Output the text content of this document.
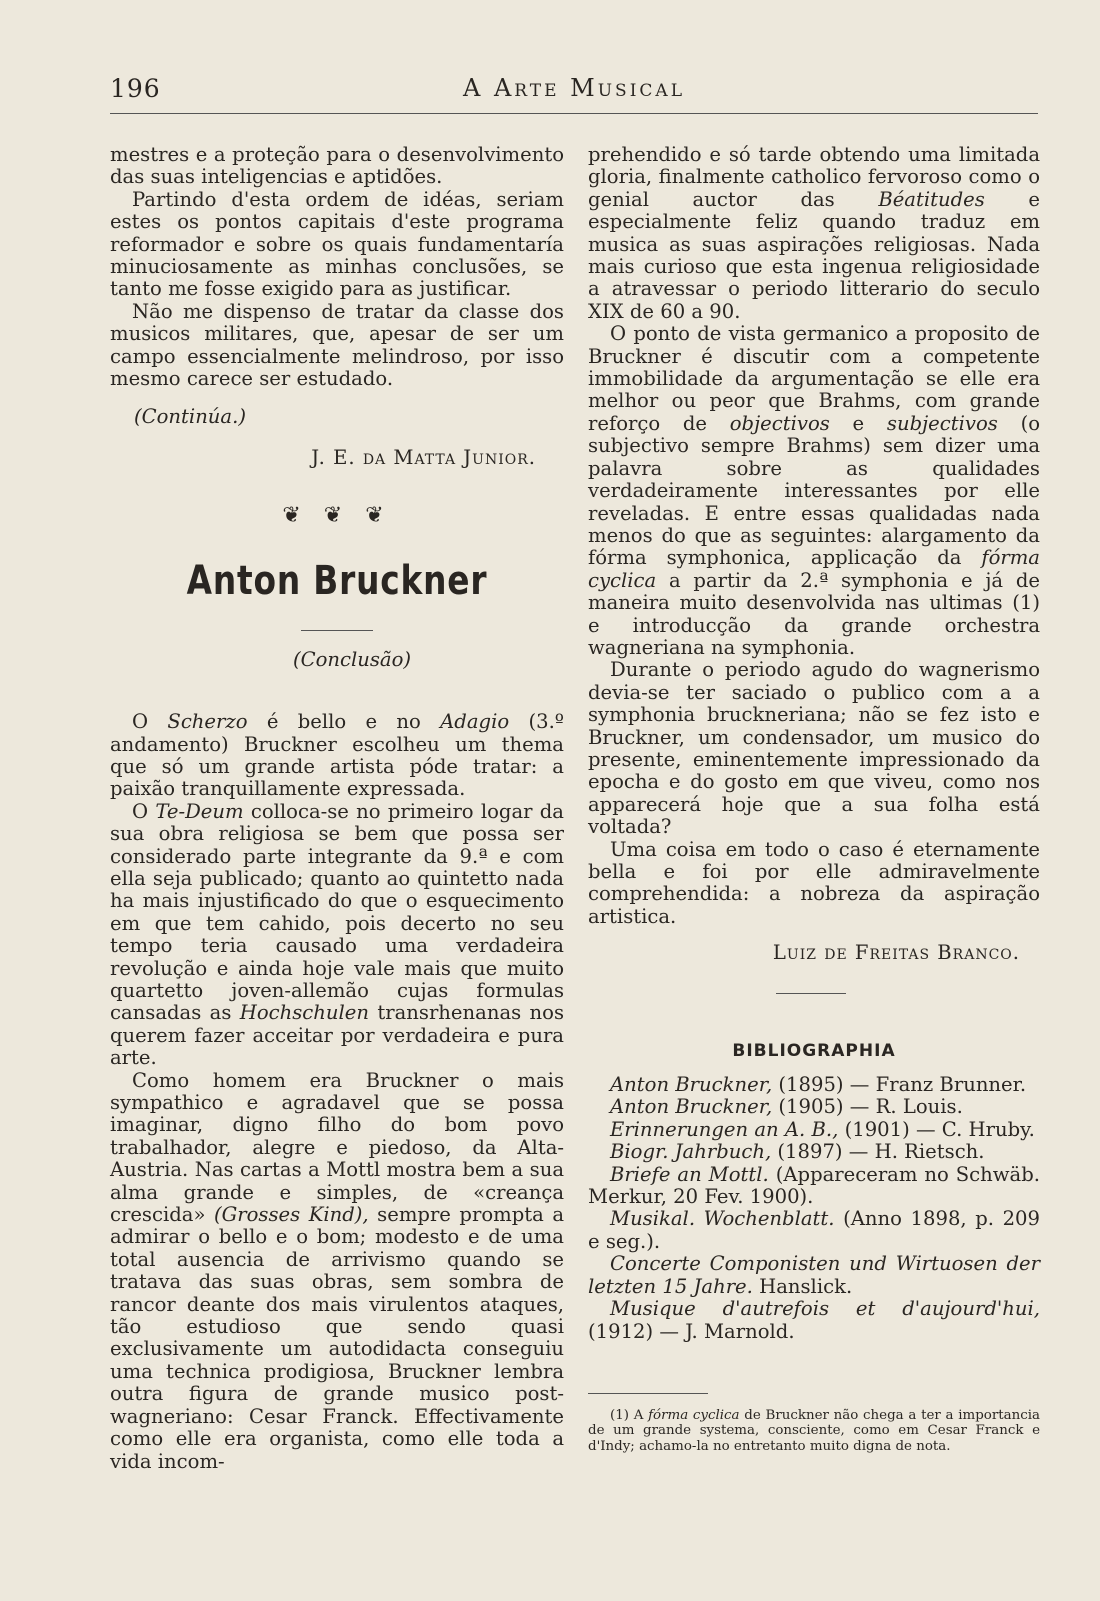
196	A Arte Musical

mestres e a proteção para o desenvolvimento das suas inteligencias e aptidões.

Partindo d'esta ordem de idéas, seriam estes os pontos capitais d'este programa reformador e sobre os quais fundamentaría minuciosamente as minhas conclusões, se tanto me fosse exigido para as justificar.

Não me dispenso de tratar da classe dos musicos militares, que, apesar de ser um campo essencialmente melindroso, por isso mesmo carece ser estudado.

(Continúa.)

J. E. da Matta Junior.

❦ ❦ ❦

Anton Bruckner

(Conclusão)

O Scherzo é bello e no Adagio (3.º andamento) Bruckner escolheu um thema que só um grande artista póde tratar: a paixão tranquillamente expressada.

O Te-Deum colloca-se no primeiro logar da sua obra religiosa se bem que possa ser considerado parte integrante da 9.ª e com ella seja publicado; quanto ao quintetto nada ha mais injustificado do que o esquecimento em que tem cahido, pois decerto no seu tempo teria causado uma verdadeira revolução e ainda hoje vale mais que muito quartetto joven-allemão cujas formulas cansadas as Hochschulen transrhenanas nos querem fazer acceitar por verdadeira e pura arte.

Como homem era Bruckner o mais sympathico e agradavel que se possa imaginar, digno filho do bom povo trabalhador, alegre e piedoso, da Alta-Austria. Nas cartas a Mottl mostra bem a sua alma grande e simples, de «creança crescida» (Grosses Kind), sempre prompta a admirar o bello e o bom; modesto e de uma total ausencia de arrivismo quando se tratava das suas obras, sem sombra de rancor deante dos mais virulentos ataques, tão estudioso que sendo quasi exclusivamente um autodidacta conseguiu uma technica prodigiosa, Bruckner lembra outra figura de grande musico post-wagneriano: Cesar Franck. Effectivamente como elle era organista, como elle toda a vida incom-

prehendido e só tarde obtendo uma limitada gloria, finalmente catholico fervoroso como o genial auctor das Béatitudes e especialmente feliz quando traduz em musica as suas aspirações religiosas. Nada mais curioso que esta ingenua religiosidade a atravessar o periodo litterario do seculo XIX de 60 a 90.

O ponto de vista germanico a proposito de Bruckner é discutir com a competente immobilidade da argumentação se elle era melhor ou peor que Brahms, com grande reforço de objectivos e subjectivos (o subjectivo sempre Brahms) sem dizer uma palavra sobre as qualidades verdadeiramente interessantes por elle reveladas. E entre essas qualidadas nada menos do que as seguintes: alargamento da fórma symphonica, applicação da fórma cyclica a partir da 2.ª symphonia e já de maneira muito desenvolvida nas ultimas (1) e introducção da grande orchestra wagneriana na symphonia.

Durante o periodo agudo do wagnerismo devia-se ter saciado o publico com a a symphonia bruckneriana; não se fez isto e Bruckner, um condensador, um musico do presente, eminentemente impressionado da epocha e do gosto em que viveu, como nos apparecerá hoje que a sua folha está voltada?

Uma coisa em todo o caso é eternamente bella e foi por elle admiravelmente comprehendida: a nobreza da aspiração artistica.

Luiz de Freitas Branco.

BIBLIOGRAPHIA

Anton Bruckner, (1895) — Franz Brunner.

Anton Bruckner, (1905) — R. Louis.

Erinnerungen an A. B., (1901) — C. Hruby.

Biogr. Jahrbuch, (1897) — H. Rietsch.

Briefe an Mottl. (Appareceram no Schwäb. Merkur, 20 Fev. 1900).

Musikal. Wochenblatt. (Anno 1898, p. 209 e seg.).

Concerte Componisten und Wirtuosen der letzten 15 Jahre. Hanslick.

Musique d'autrefois et d'aujourd'hui, (1912) — J. Marnold.

(1) A fórma cyclica de Bruckner não chega a ter a importancia de um grande systema, consciente, como em Cesar Franck e d'Indy; achamo-la no entretanto muito digna de nota.
